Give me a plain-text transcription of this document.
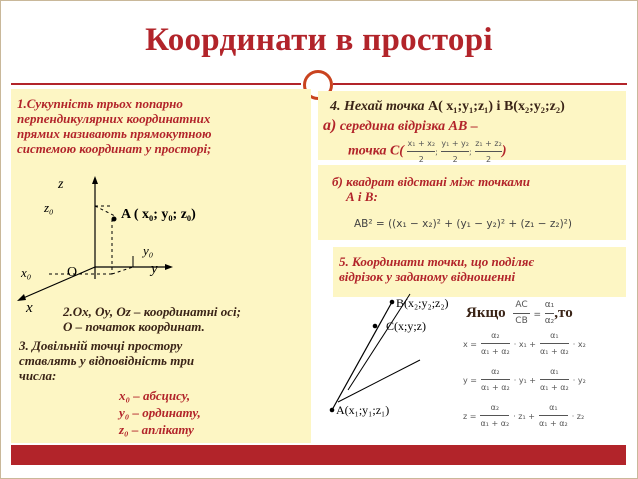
Координати в просторі
1.Сукупність трьох попарно
перпендикулярних координатних
прямих називають прямокутною
системою координат у просторі;
z
z₀	A ( x₀; y₀; z₀)
y₀
y
x₀	O
x 2.Ox, Oy, Oz – координатні осі;
O – початок координат.
3. Довільній точці простору
ставлять у відповідність три
числа:
x₀ – абсцису,
y₀ – ординату,
z₀ – аплікату
4. Нехай точка A( x₁;y₁;z₁) і B(x₂;y₂;z₂)
а) середина відрізка АВ –
точка $С( \frac{\text{x₁ + x₂}}{2}$ ; $\frac{\text{y₁ + y₂}}{2}$ ; $\frac{\text{z₁ + z₂}}{2}$ )
б) квадрат відстані між точками
А і В:
AB² = ((x₁ − x₂)² + (y₁ − y₂)² + (z₁ − z₂)²)
5. Координати точки, що поділяє
відрізок у заданому відношенні
B(x₂;y₂;z₂)
C(x;y;z)
A(x₁;y₁;z₁)
Якщо $\frac{AC}{CB} = \frac{\text{α₁}}{\text{α₂}} ,то$
$x = \frac{\text{α₂}}{\text{α₁ + α₂}} \cdot x_1 + \frac{\text{α₁}}{\text{α₁ + α₂}} \cdot x_2$
$y = \frac{\text{α₂}}{\text{α₁ + α₂}} \cdot y_1 + \frac{\text{α₁}}{\text{α₁ + α₂}} \cdot y_2$
$z = \frac{\text{α₂}}{\text{α₁ + α₂}} \cdot z_1 + \frac{\text{α₁}}{\text{α₁ + α₂}} \cdot z_2$
